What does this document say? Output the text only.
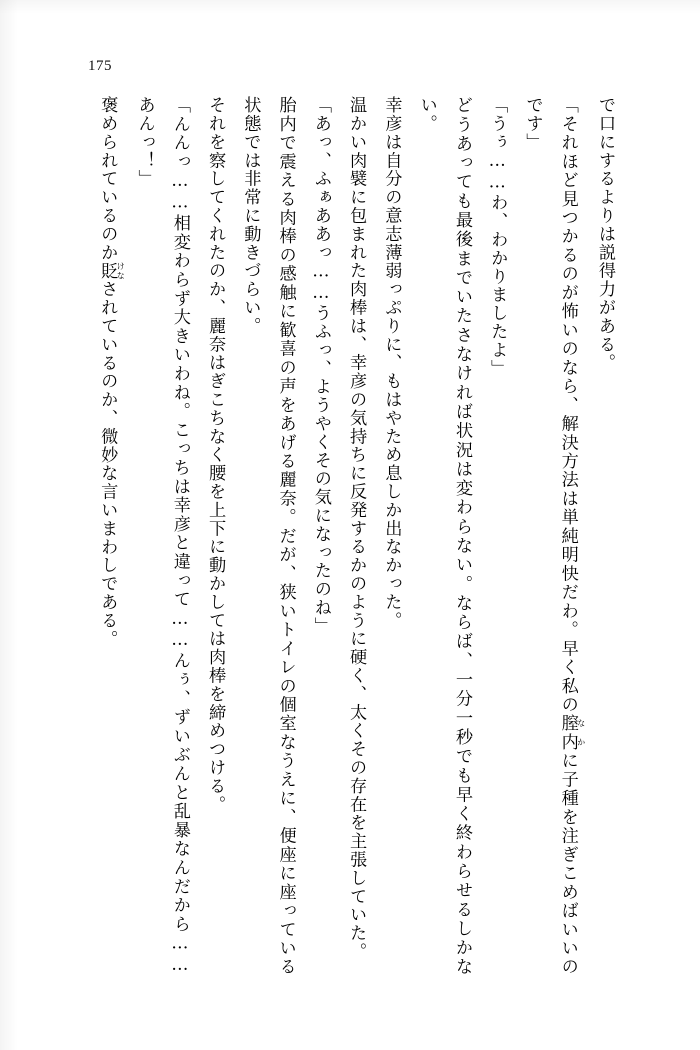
175

で口にするよりは説得力がある。

「それほど見つかるのが怖いのなら、解決方法は単純明快だわ。早く私の膣内 なかに子種を注ぎこめばいいのです」

「うぅ……わ、わかりましたよ」

どうあっても最後までいたさなければ状況は変わらない。ならば、一分一秒でも早く終わらせるしかない。

幸彦は自分の意志薄弱っぷりに、もはやため息しか出なかった。

温かい肉襞に包まれた肉棒は、幸彦の気持ちに反発するかのように硬く、太くその存在を主張していた。

「あっ、ふぁああっ……うふっ、ようやくその気になったのね」

胎内で震える肉棒の感触に歓喜の声をあげる麗奈。だが、狭いトイレの個室なうえに、便座に座っている状態では非常に動きづらい。

それを察してくれたのか、麗奈はぎこちなく腰を上下に動かしては肉棒を締めつける。

「んんっ……相変わらず大きいわね。こっちは幸彦と違って……んぅ、ずいぶんと乱暴なんだから……あんっ！」

褒められているのか貶 けなされているのか、微妙な言いまわしである。
